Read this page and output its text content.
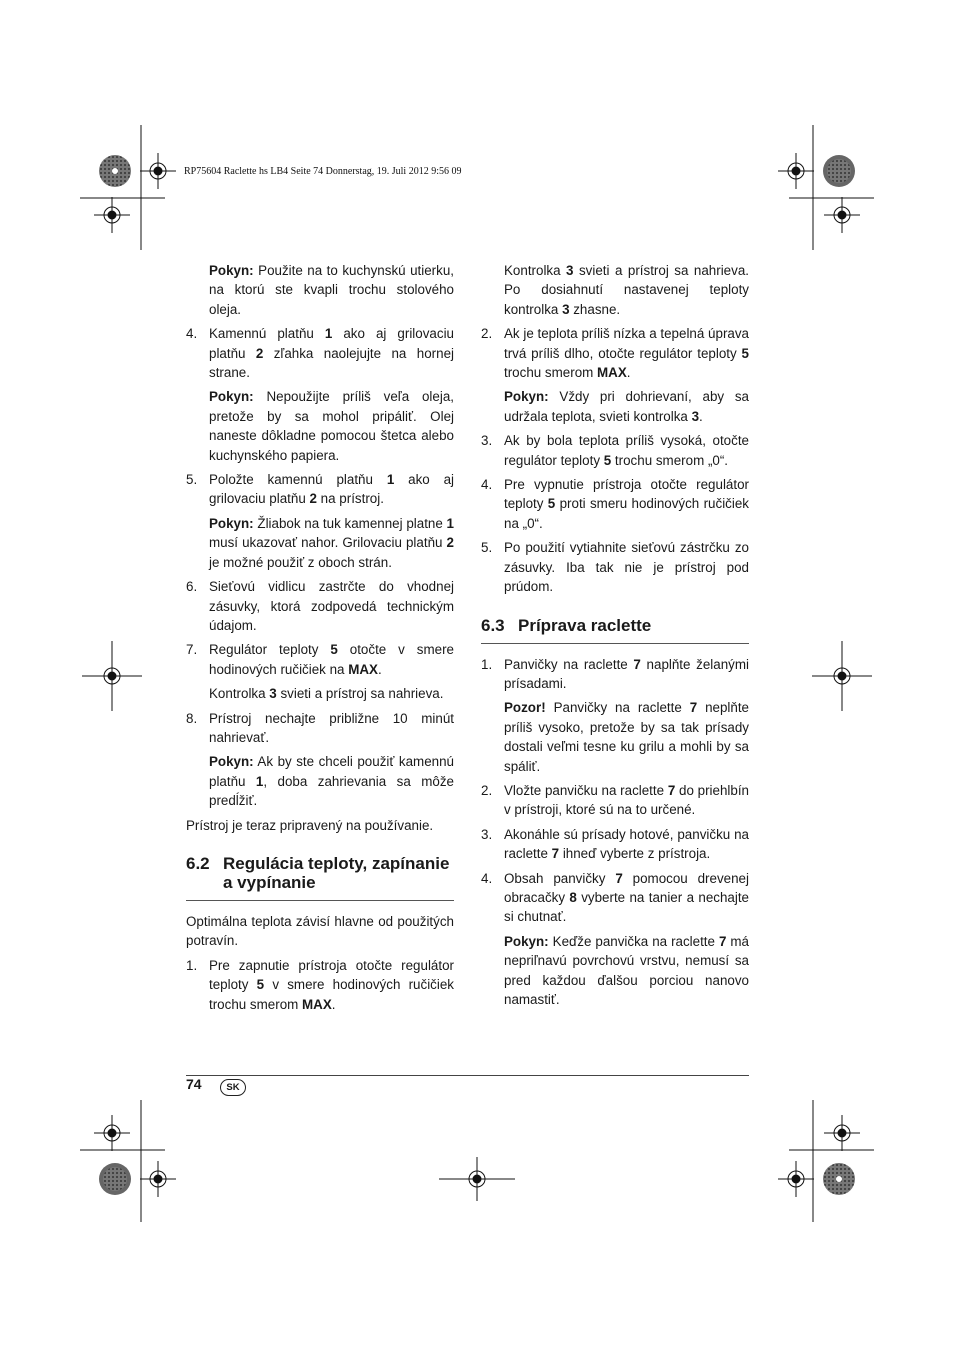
RP75604 Raclette hs LB4 Seite 74 Donnerstag, 19. Juli 2012 9:56 09

Pokyn: Použite na to kuchynskú utierku, na ktorú ste kvapli trochu stolového oleja.

4. Kamennú platňu 1 ako aj grilovaciu platňu 2 zľahka naolejujte na hornej strane.

Pokyn: Nepoužijte príliš veľa oleja, pretože by sa mohol pripáliť. Olej naneste dôkladne pomocou štetca alebo kuchynského papiera.

5. Položte kamennú platňu 1 ako aj grilovaciu platňu 2 na prístroj.

Pokyn: Žliabok na tuk kamennej platne 1 musí ukazovať nahor. Grilovaciu platňu 2 je možné použiť z oboch strán.

6. Sieťovú vidlicu zastrčte do vhodnej zásuvky, ktorá zodpovedá technickým údajom.
7. Regulátor teploty 5 otočte v smere hodinových ručičiek na MAX.

Kontrolka 3 svieti a prístroj sa nahrieva.

8. Prístroj nechajte približne 10 minút nahrievať.

Pokyn: Ak by ste chceli použiť kamennú platňu 1, doba zahrievania sa môže predĺžiť.

Prístroj je teraz pripravený na používanie.

6.2 Regulácia teploty, zapínanie a vypínanie

Optimálna teplota závisí hlavne od použitých potravín.

1. Pre zapnutie prístroja otočte regulátor teploty 5 v smere hodinových ručičiek trochu smerom MAX.

Kontrolka 3 svieti a prístroj sa nahrieva. Po dosiahnutí nastavenej teploty kontrolka 3 zhasne.

2. Ak je teplota príliš nízka a tepelná úprava trvá príliš dlho, otočte regulátor teploty 5 trochu smerom MAX.

Pokyn: Vždy pri dohrievaní, aby sa udržala teplota, svieti kontrolka 3.

3. Ak by bola teplota príliš vysoká, otočte regulátor teploty 5 trochu smerom „0“.
4. Pre vypnutie prístroja otočte regulátor teploty 5 proti smeru hodinových ručičiek na „0“.
5. Po použití vytiahnite sieťovú zástrčku zo zásuvky. Iba tak nie je prístroj pod prúdom.
6.3 Príprava raclette
1. Panvičky na raclette 7 naplňte želanými prísadami.

Pozor! Panvičky na raclette 7 neplňte príliš vysoko, pretože by sa tak prísady dostali veľmi tesne ku grilu a mohli by sa spáliť.

2. Vložte panvičku na raclette 7 do priehlbín v prístroji, ktoré sú na to určené.
3. Akonáhle sú prísady hotové, panvičku na raclette 7 ihneď vyberte z prístroja.
4. Obsah panvičky 7 pomocou drevenej obracačky 8 vyberte na tanier a nechajte si chutnať.

Pokyn: Keďže panvička na raclette 7 má nepriľnavú povrchovú vrstvu, nemusí sa pred každou ďalšou porciou nanovo namastiť.

74	SK
